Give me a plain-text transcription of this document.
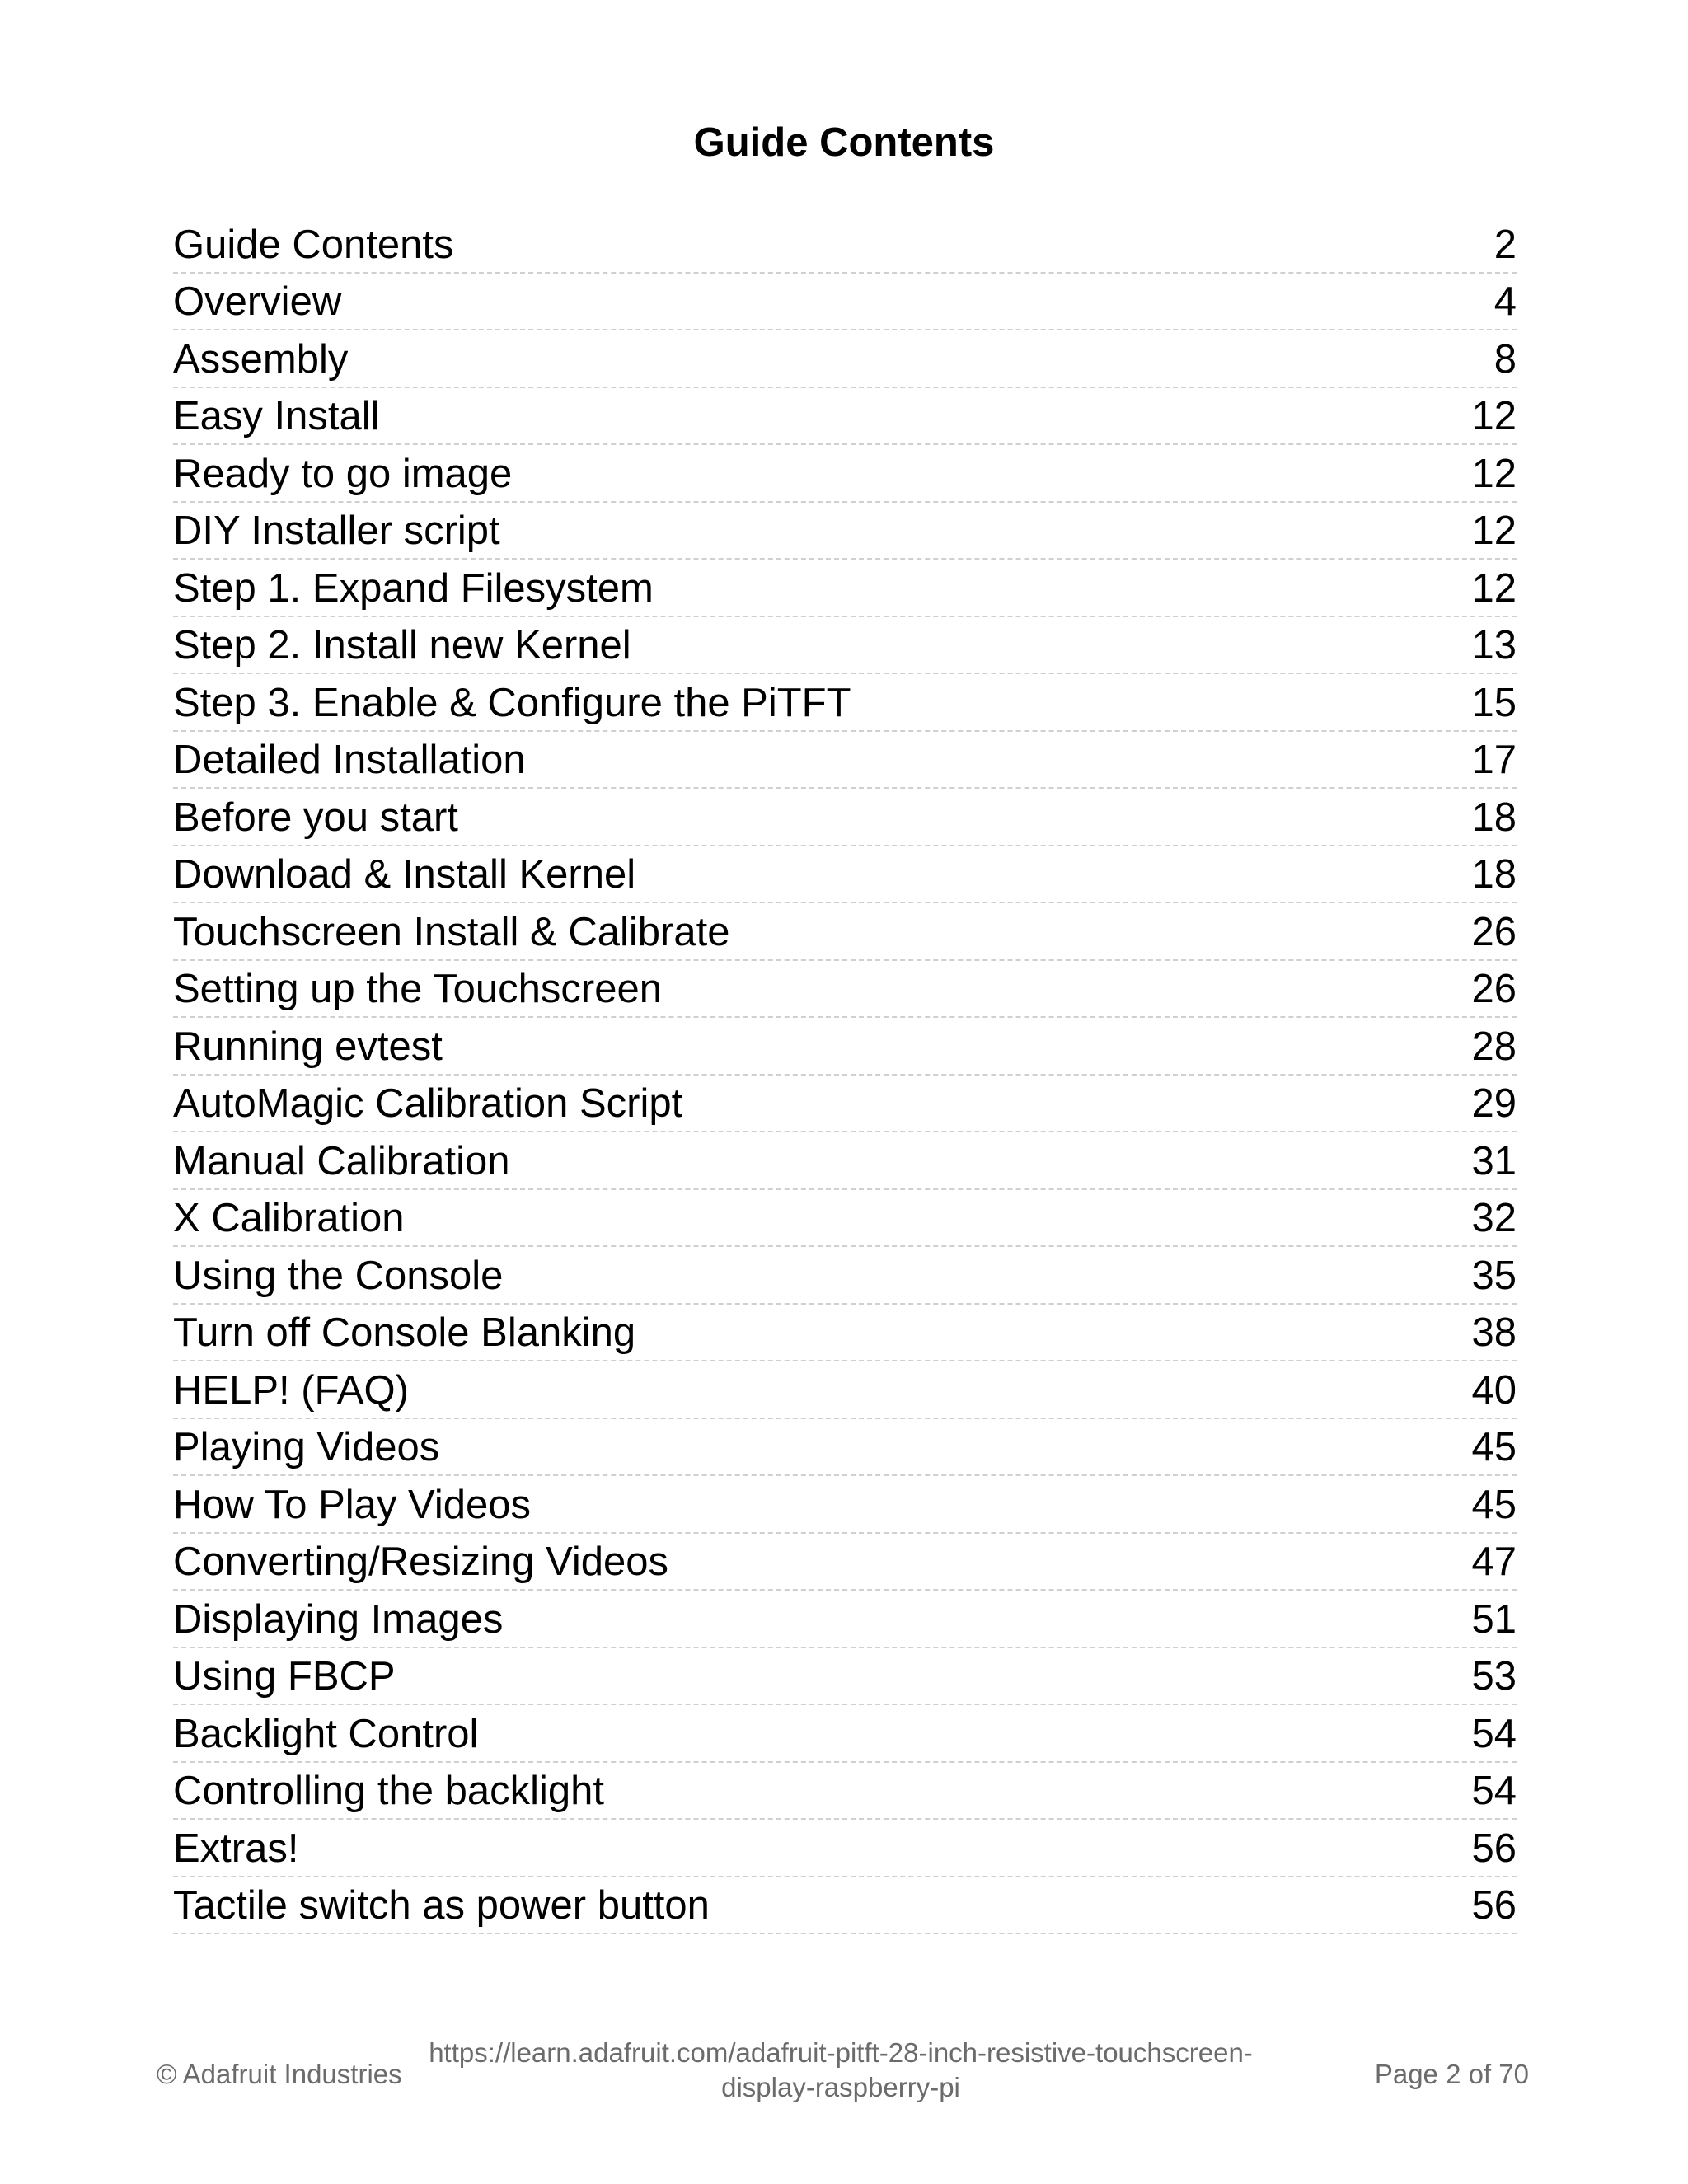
Guide Contents
Guide Contents	2
Overview	4
Assembly	8
Easy Install	12
Ready to go image	12
DIY Installer script	12
Step 1. Expand Filesystem	12
Step 2. Install new Kernel	13
Step 3. Enable & Configure the PiTFT	15
Detailed Installation	17
Before you start	18
Download & Install Kernel	18
Touchscreen Install & Calibrate	26
Setting up the Touchscreen	26
Running evtest	28
AutoMagic Calibration Script	29
Manual Calibration	31
X Calibration	32
Using the Console	35
Turn off Console Blanking	38
HELP! (FAQ)	40
Playing Videos	45
How To Play Videos	45
Converting/Resizing Videos	47
Displaying Images	51
Using FBCP	53
Backlight Control	54
Controlling the backlight	54
Extras!	56
Tactile switch as power button	56
© Adafruit Industries
https://learn.adafruit.com/adafruit-pitft-28-inch-resistive-touchscreen-
display-raspberry-pi	Page 2 of 70
